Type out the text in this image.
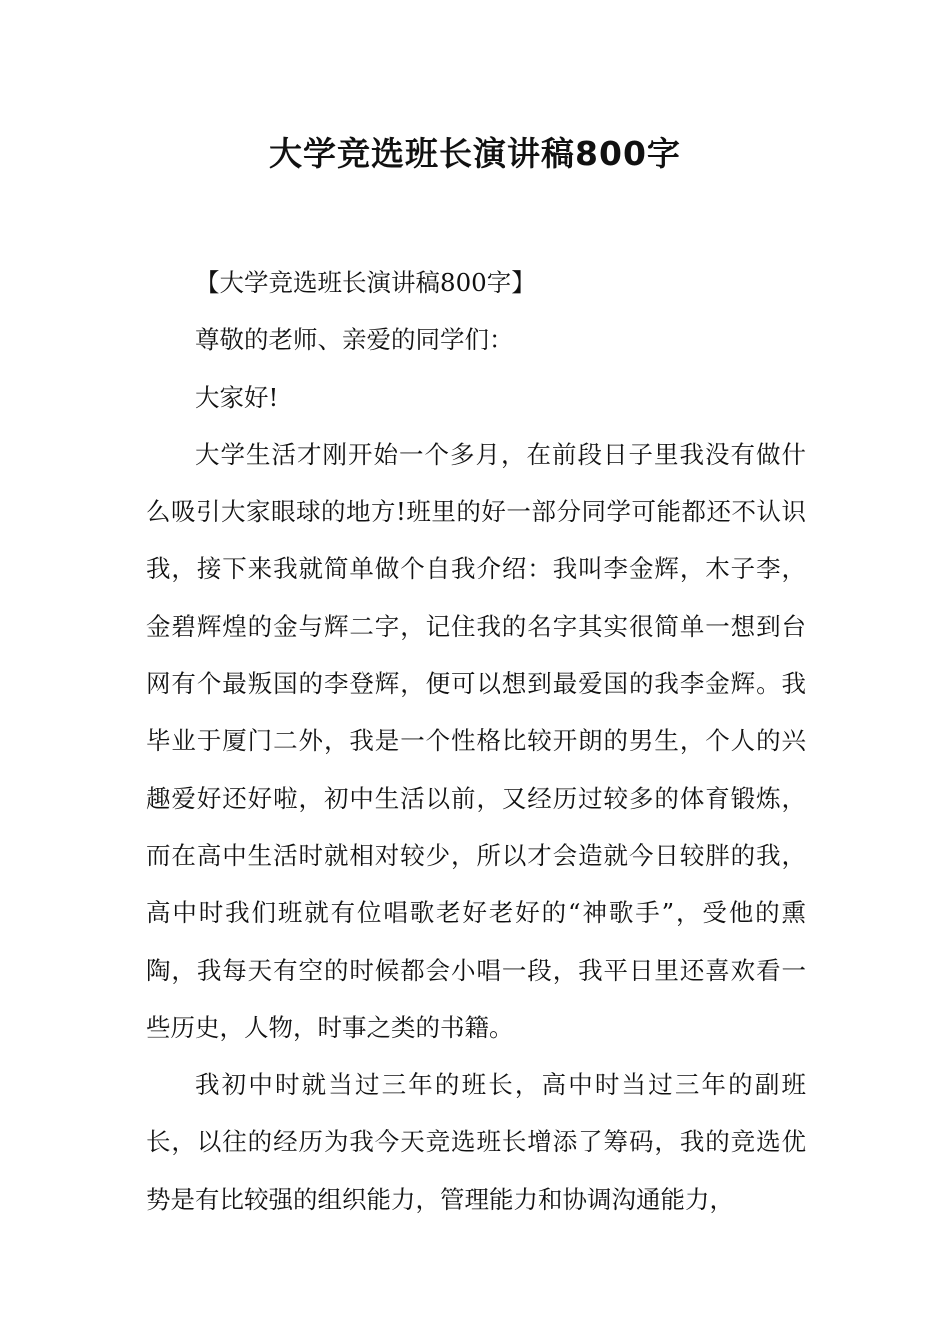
大学竞选班长演讲稿800字

【大学竞选班长演讲稿800字】

尊敬的老师、亲爱的同学们：

大家好!

大学生活才刚开始一个多月，在前段日子里我没有做什么吸引大家眼球的地方!班里的好一部分同学可能都还不认识我，接下来我就简单做个自我介绍：我叫李金辉，木子李，金碧辉煌的金与辉二字，记住我的名字其实很简单一想到台网有个最叛国的李登辉，便可以想到最爱国的我李金辉。我毕业于厦门二外，我是一个性格比较开朗的男生，个人的兴趣爱好还好啦，初中生活以前，又经历过较多的体育锻炼，而在高中生活时就相对较少，所以才会造就今日较胖的我，高中时我们班就有位唱歌老好老好的“神歌手”，受他的熏陶，我每天有空的时候都会小唱一段，我平日里还喜欢看一些历史，人物，时事之类的书籍。

我初中时就当过三年的班长，高中时当过三年的副班长，以往的经历为我今天竞选班长增添了筹码，我的竞选优势是有比较强的组织能力，管理能力和协调沟通能力，
